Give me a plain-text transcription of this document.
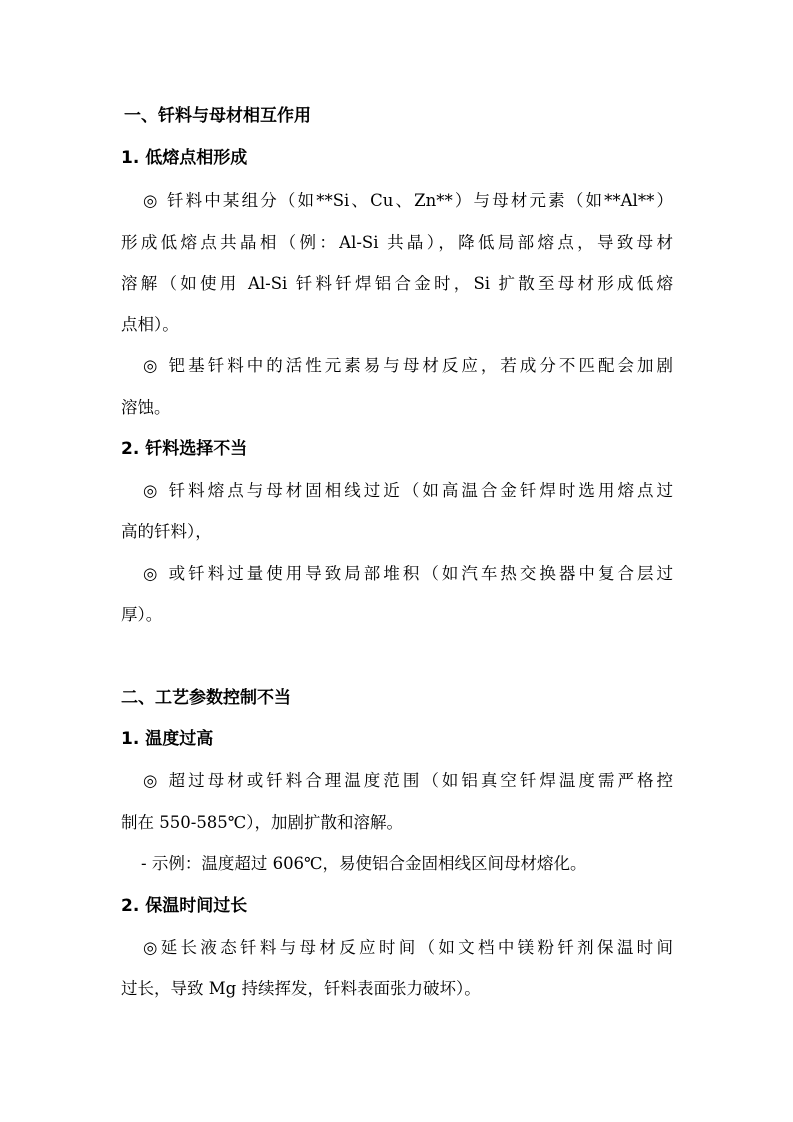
一、钎料与母材相互作用
1. 低熔点相形成
◎ 钎料中某组分（如**Si、Cu、Zn**）与母材元素（如**Al**）
形成低熔点共晶相（例：Al-Si 共晶），降低局部熔点，导致母材
溶解（如使用 Al-Si 钎料钎焊铝合金时，Si 扩散至母材形成低熔
点相）。
◎ 钯基钎料中的活性元素易与母材反应，若成分不匹配会加剧
溶蚀。
2. 钎料选择不当
◎ 钎料熔点与母材固相线过近（如高温合金钎焊时选用熔点过
高的钎料），
◎ 或钎料过量使用导致局部堆积（如汽车热交换器中复合层过
厚）。
二、工艺参数控制不当
1. 温度过高
◎ 超过母材或钎料合理温度范围（如铝真空钎焊温度需严格控
制在 550-585℃），加剧扩散和溶解。
- 示例：温度超过 606℃，易使铝合金固相线区间母材熔化。
2. 保温时间过长
◎延长液态钎料与母材反应时间（如文档中镁粉钎剂保温时间
过长，导致 Mg 持续挥发，钎料表面张力破坏）。
